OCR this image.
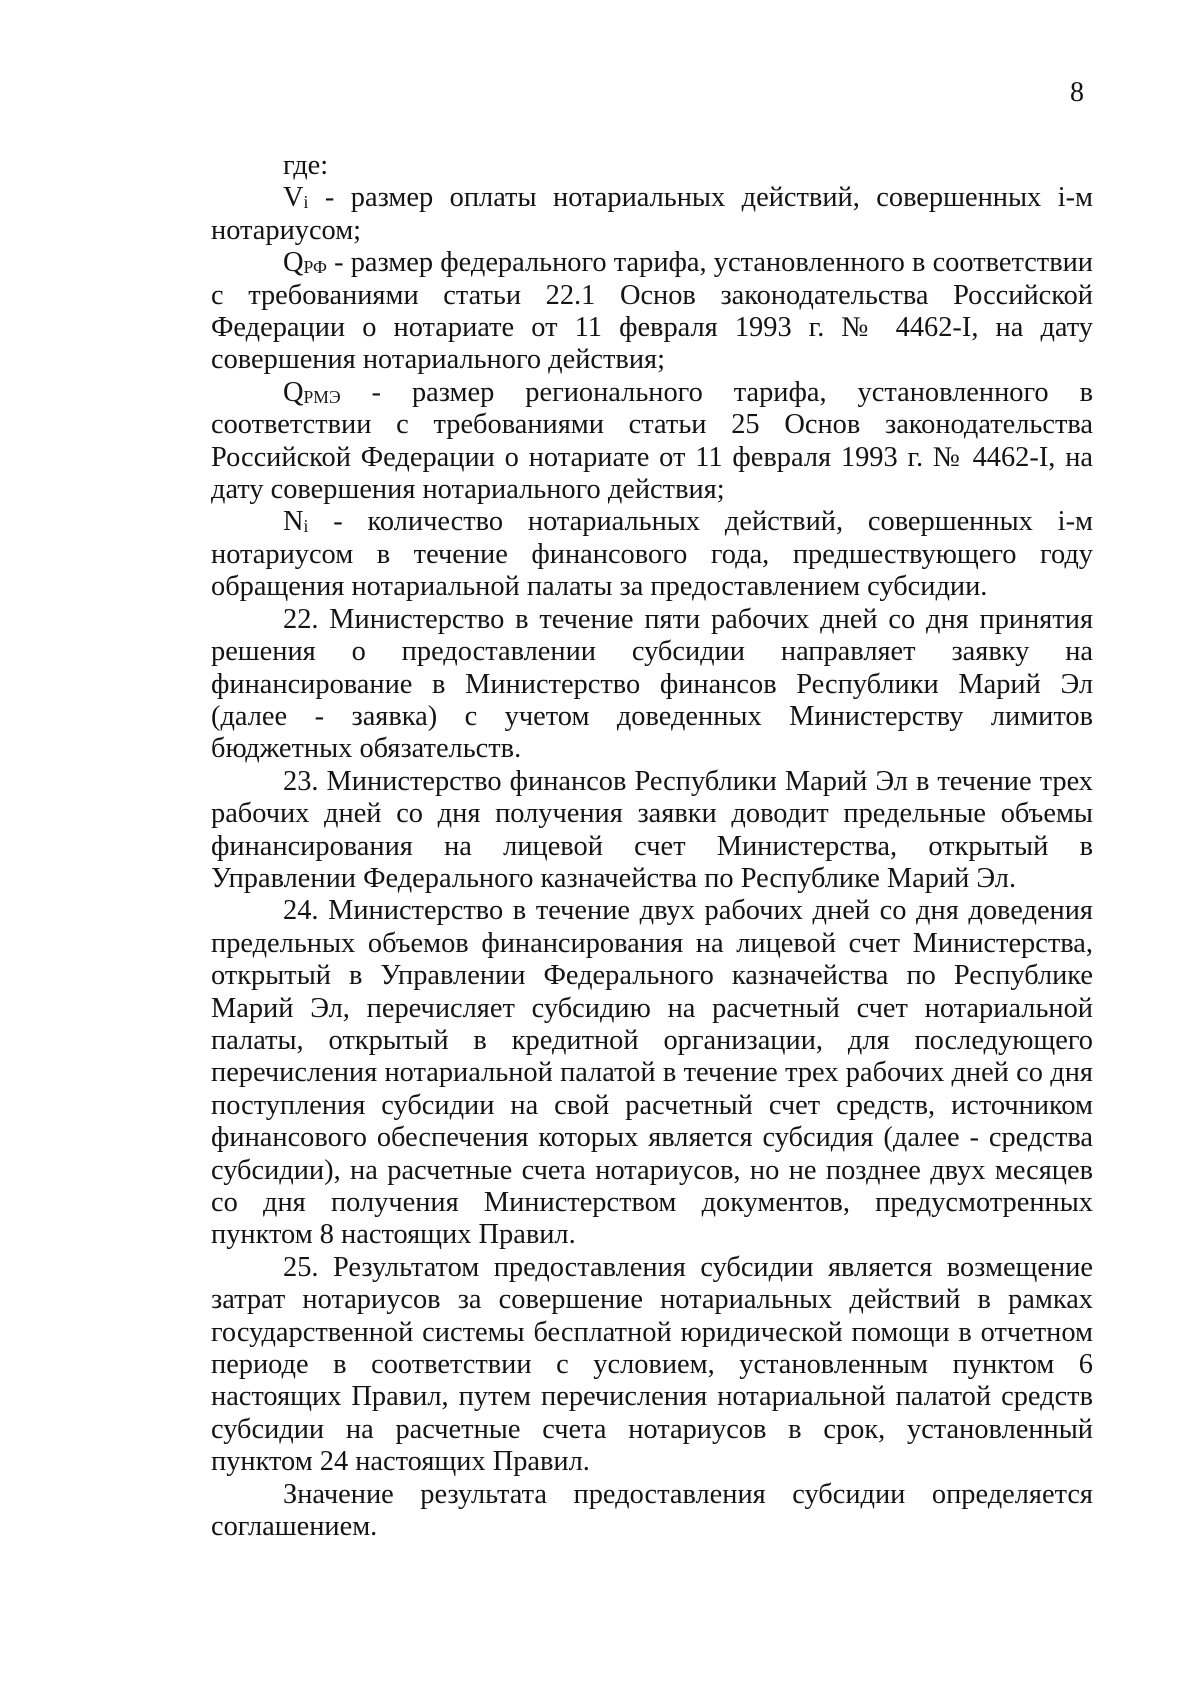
8

где:

$V_i$ - размер оплаты нотариальных действий, совершенных i-м нотариусом;

$Q_{РФ}$ - размер федерального тарифа, установленного в соответствии с требованиями статьи 22.1 Основ законодательства Российской Федерации о нотариате от 11 февраля 1993 г. № 4462-I, на дату совершения нотариального действия;

$Q_{РМЭ}$ - размер регионального тарифа, установленного в соответствии с требованиями статьи 25 Основ законодательства Российской Федерации о нотариате от 11 февраля 1993 г. № 4462-I, на дату совершения нотариального действия;

$N_i$ - количество нотариальных действий, совершенных i-м нотариусом в течение финансового года, предшествующего году обращения нотариальной палаты за предоставлением субсидии.

22. Министерство в течение пяти рабочих дней со дня принятия решения о предоставлении субсидии направляет заявку на финансирование в Министерство финансов Республики Марий Эл (далее - заявка) с учетом доведенных Министерству лимитов бюджетных обязательств.

23. Министерство финансов Республики Марий Эл в течение трех рабочих дней со дня получения заявки доводит предельные объемы финансирования на лицевой счет Министерства, открытый в Управлении Федерального казначейства по Республике Марий Эл.

24. Министерство в течение двух рабочих дней со дня доведения предельных объемов финансирования на лицевой счет Министерства, открытый в Управлении Федерального казначейства по Республике Марий Эл, перечисляет субсидию на расчетный счет нотариальной палаты, открытый в кредитной организации, для последующего перечисления нотариальной палатой в течение трех рабочих дней со дня поступления субсидии на свой расчетный счет средств, источником финансового обеспечения которых является субсидия (далее - средства субсидии), на расчетные счета нотариусов, но не позднее двух месяцев со дня получения Министерством документов, предусмотренных пунктом 8 настоящих Правил.

25. Результатом предоставления субсидии является возмещение затрат нотариусов за совершение нотариальных действий в рамках государственной системы бесплатной юридической помощи в отчетном периоде в соответствии с условием, установленным пунктом 6 настоящих Правил, путем перечисления нотариальной палатой средств субсидии на расчетные счета нотариусов в срок, установленный пунктом 24 настоящих Правил.

Значение результата предоставления субсидии определяется соглашением.
